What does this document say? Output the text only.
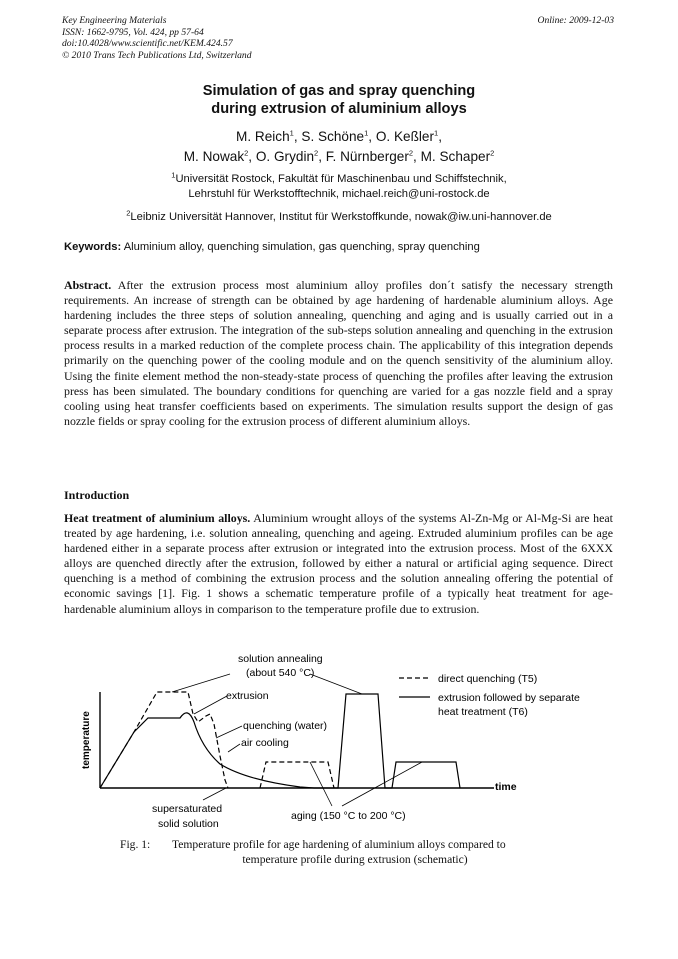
Key Engineering Materials
ISSN: 1662-9795, Vol. 424, pp 57-64
doi:10.4028/www.scientific.net/KEM.424.57
© 2010 Trans Tech Publications Ltd, Switzerland
Online: 2009-12-03
Simulation of gas and spray quenching
during extrusion of aluminium alloys
M. Reich$^1$, S. Schöne$^1$, O. Keßler$^1$,
M. Nowak$^2$, O. Grydin$^2$, F. Nürnberger$^2$, M. Schaper$^2$
$^1$Universität Rostock, Fakultät für Maschinenbau und Schiffstechnik,
Lehrstuhl für Werkstofftechnik, michael.reich@uni-rostock.de
$^2$Leibniz Universität Hannover, Institut für Werkstoffkunde, nowak@iw.uni-hannover.de
Keywords: Aluminium alloy, quenching simulation, gas quenching, spray quenching
Abstract. After the extrusion process most aluminium alloy profiles don´t satisfy the necessary strength requirements. An increase of strength can be obtained by age hardening of hardenable aluminium alloys. Age hardening includes the three steps of solution annealing, quenching and aging and is usually carried out in a separate process after extrusion. The integration of the sub-steps solution annealing and quenching in the extrusion process results in a marked reduction of the complete process chain. The applicability of this integration depends primarily on the quenching power of the cooling module and on the quench sensitivity of the aluminium alloy. Using the finite element method the non-steady-state process of quenching the profiles after leaving the extrusion press has been simulated. The boundary conditions for quenching are varied for a gas nozzle field and a spray cooling using heat transfer coefficients based on experiments. The simulation results support the design of gas nozzle fields or spray cooling for the extrusion process of different aluminium alloys.
Introduction
Heat treatment of aluminium alloys. Aluminium wrought alloys of the systems Al-Zn-Mg or Al-Mg-Si are heat treated by age hardening, i.e. solution annealing, quenching and ageing. Extruded aluminium profiles can be age hardened either in a separate process after extrusion or integrated into the extrusion process. Most of the 6XXX alloys are quenched directly after the extrusion, followed by either a natural or artificial aging sequence. Direct quenching is a method of combining the extrusion process and the solution annealing offering the potential of economic savings [1]. Fig. 1 shows a schematic temperature profile of a typically heat treatment for age-hardenable aluminium alloys in comparison to the temperature profile due to extrusion.
temperature
time
solution annealing
(about 540 °C)
extrusion
quenching (water)
air cooling
supersaturated
solid solution
aging (150 °C to 200 °C)
direct quenching (T5)
extrusion followed by separate
heat treatment (T6)
Fig. 1: Temperature profile for age hardening of aluminium alloys compared to
temperature profile during extrusion (schematic)
